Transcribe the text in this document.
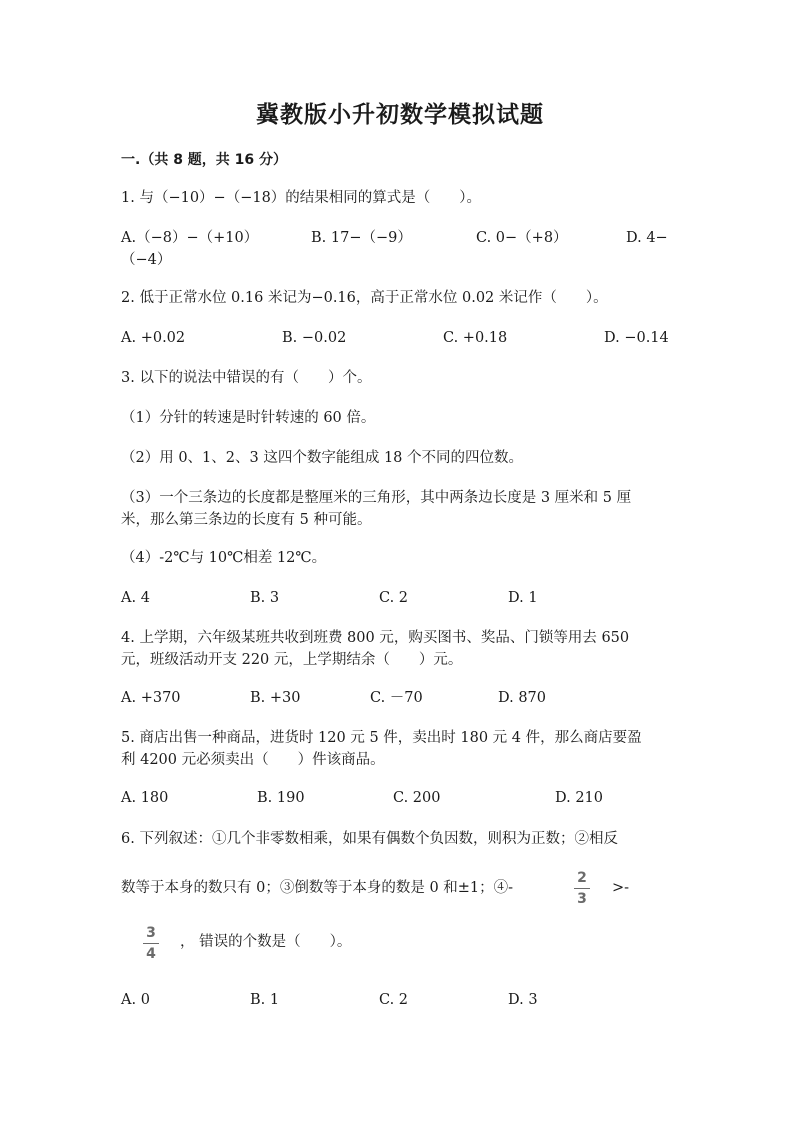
冀教版小升初数学模拟试题
一.（共 8 题，共 16 分）
1. 与（−10）−（−18）的结果相同的算式是（　　）。
A.（−8）−（+10）	B. 17−（−9）	C. 0−（+8）	D. 4−
（−4）
2. 低于正常水位 0.16 米记为−0.16，高于正常水位 0.02 米记作（　　）。
A. +0.02	B. −0.02	C. +0.18	D. −0.14
3. 以下的说法中错误的有（　　）个。
（1）分针的转速是时针转速的 60 倍。
（2）用 0、1、2、3 这四个数字能组成 18 个不同的四位数。
（3）一个三条边的长度都是整厘米的三角形，其中两条边长度是 3 厘米和 5 厘
米，那么第三条边的长度有 5 种可能。
（4）-2℃与 10℃相差 12℃。
A. 4	B. 3	C. 2	D. 1
4. 上学期，六年级某班共收到班费 800 元，购买图书、奖品、门锁等用去 650
元，班级活动开支 220 元，上学期结余（　　）元。
A. +370	B. +30	C. －70	D. 870
5. 商店出售一种商品，进货时 120 元 5 件，卖出时 180 元 4 件，那么商店要盈
利 4200 元必须卖出（　　）件该商品。
A. 180	B. 190	C. 200	D. 210
6. 下列叙述：①几个非零数相乘，如果有偶数个负因数，则积为正数；②相反
数等于本身的数只有 0；③倒数等于本身的数是 0 和±1；④-
2
3
>-
3
4
， 错误的个数是（　　）。
A. 0	B. 1	C. 2	D. 3
